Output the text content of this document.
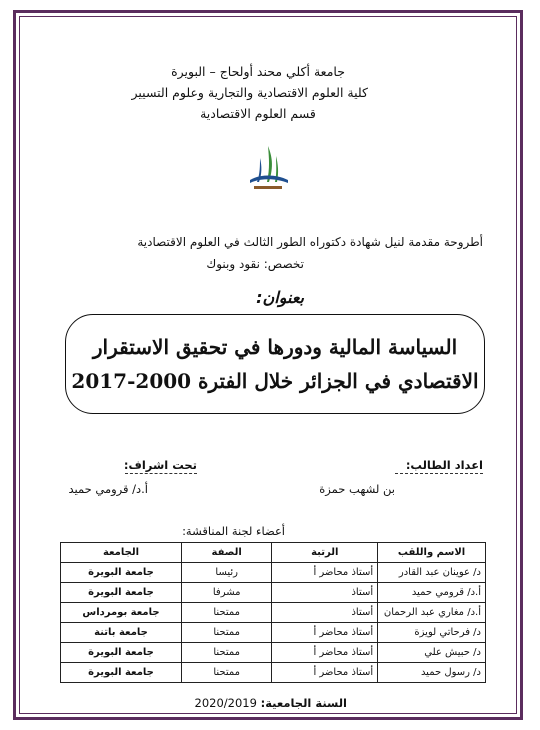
جامعة أكلي محند أولحاج – البويرة
كلية العلوم الاقتصادية والتجارية وعلوم التسيير
قسم العلوم الاقتصادية
أطروحة مقدمة لنيل شهادة دكتوراه الطور الثالث في العلوم الاقتصادية
تخصص: نقود وبنوك
بعنوان:
السياسة المالية ودورها في تحقيق الاستقرار
الاقتصادي في الجزائر خلال الفترة 2000-2017
اعداد الطالب:
تحت اشراف:
بن لشهب حمزة
أ.د/ قرومي حميد
أعضاء لجنة المناقشة:
الاسم واللقب	الرتبة	الصفة	الجامعة
د/ عوينان عبد القادر	أستاذ محاضر أ	رئيسا	جامعة البويرة
أ.د/ قرومي حميد	أستاذ	مشرفا	جامعة البويرة
أ.د/ مغاري عبد الرحمان	أستاذ	ممتحنا	جامعة بومرداس
د/ فرحاتي لويزة	أستاذ محاضر أ	ممتحنا	جامعة باتنة
د/ حبيش علي	أستاذ محاضر أ	ممتحنا	جامعة البويرة
د/ رسول حميد	أستاذ محاضر أ	ممتحنا	جامعة البويرة
السنة الجامعية: 2020/2019
